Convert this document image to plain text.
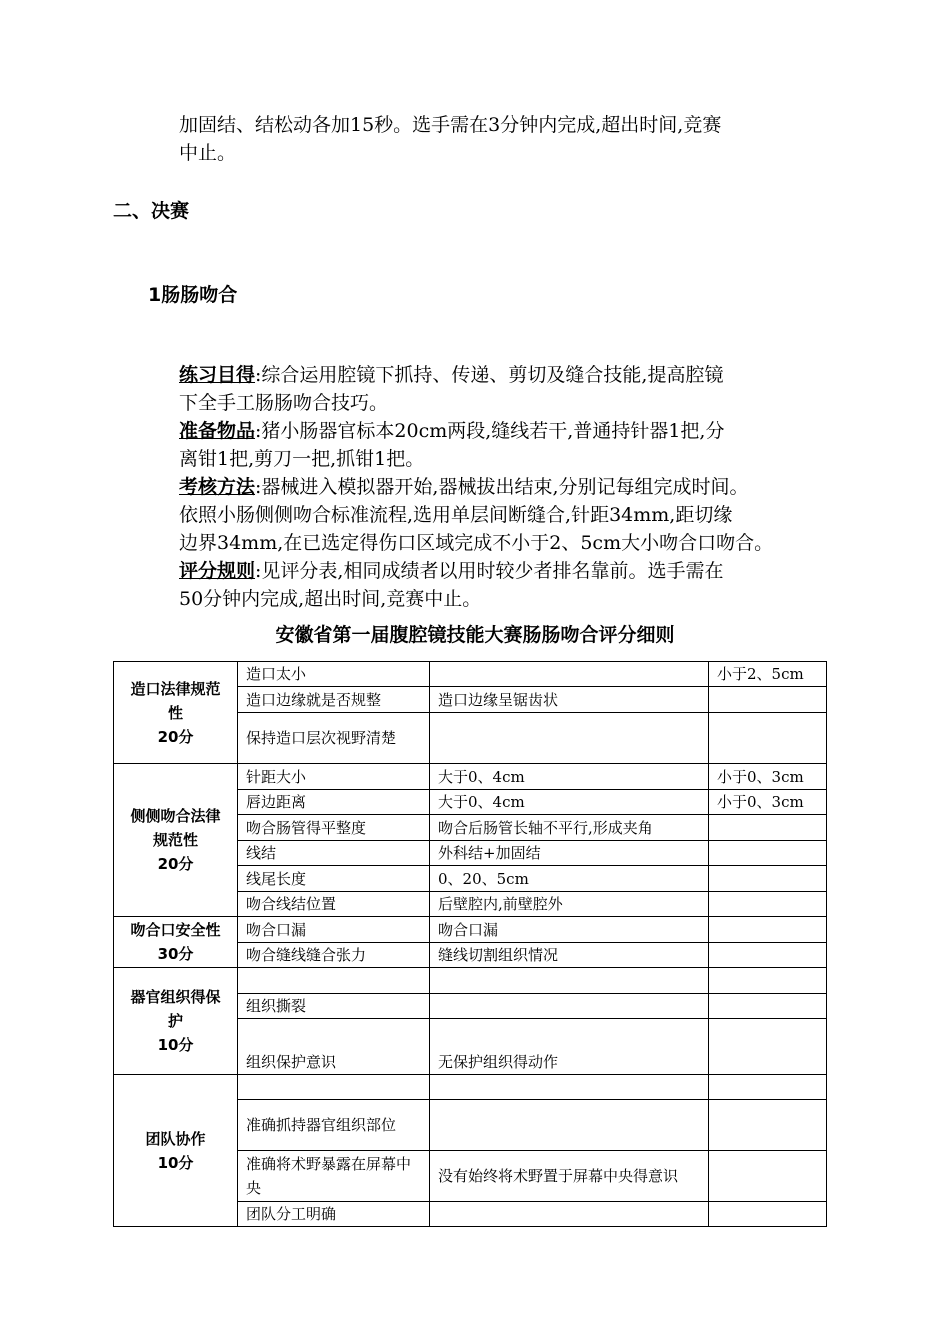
加固结、结松动各加15秒。选手需在3分钟内完成,超出时间,竞赛
中止。
二、决赛
1肠肠吻合
练习目得:综合运用腔镜下抓持、传递、剪切及缝合技能,提高腔镜
下全手工肠肠吻合技巧。
准备物品:猪小肠器官标本20cm两段,缝线若干,普通持针器1把,分
离钳1把,剪刀一把,抓钳1把。
考核方法:器械进入模拟器开始,器械拔出结束,分别记每组完成时间。
依照小肠侧侧吻合标准流程,选用单层间断缝合,针距34mm,距切缘
边界34mm,在已选定得伤口区域完成不小于2、5cm大小吻合口吻合。
评分规则:见评分表,相同成绩者以用时较少者排名靠前。选手需在
50分钟内完成,超出时间,竞赛中止。
安徽省第一届腹腔镜技能大赛肠肠吻合评分细则
造口法律规范
性
20分	造口太小		小于2、5cm
	造口边缘就是否规整	造口边缘呈锯齿状	
	保持造口层次视野清楚		

侧侧吻合法律
规范性
20分	针距大小	大于0、4cm	小于0、3cm
	唇边距离	大于0、4cm	小于0、3cm
	吻合肠管得平整度	吻合后肠管长轴不平行,形成夹角	
	线结	外科结+加固结	
	线尾长度	0、20、5cm	
	吻合线结位置	后壁腔内,前壁腔外	

吻合口安全性
30分	吻合口漏	吻合口漏	
	吻合缝线缝合张力	缝线切割组织情况	

器官组织得保
护
10分			

	组织撕裂		
	组织保护意识	无保护组织得动作	

团队协作
10分			

	准确抓持器官组织部位		
	准确将术野暴露在屏幕中央	没有始终将术野置于屏幕中央得意识	
	团队分工明确		
